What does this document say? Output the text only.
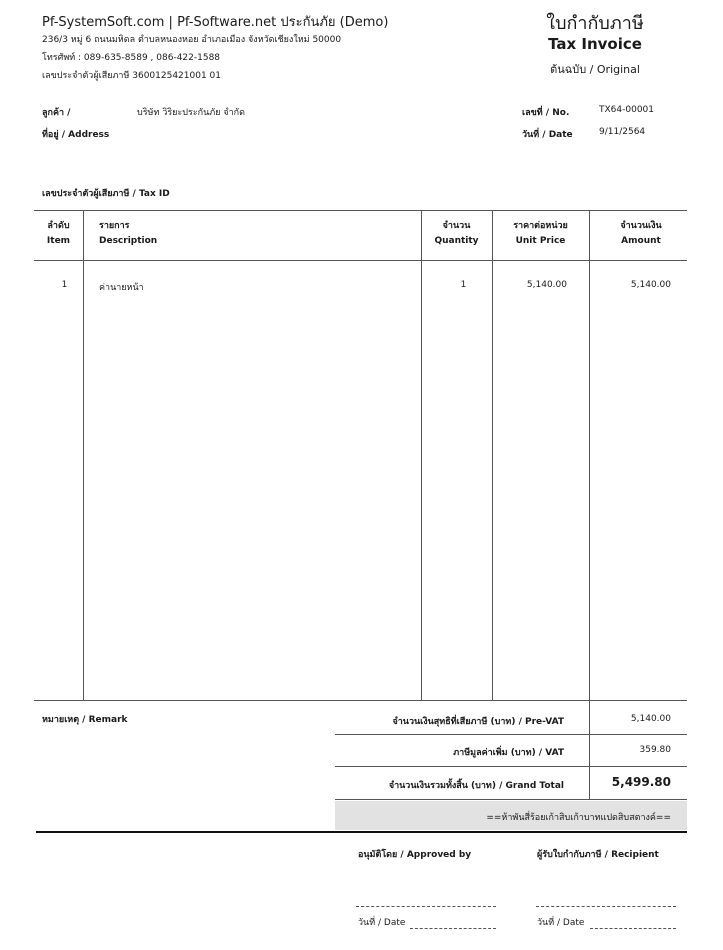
Pf-SystemSoft.com | Pf-Software.net ประกันภัย (Demo)
236/3 หมู่ 6 ถนนมหิดล ตำบลหนองหอย อำเภอเมือง จังหวัดเชียงใหม่ 50000
โทรศัพท์ : 089-635-8589 , 086-422-1588
เลขประจำตัวผู้เสียภาษี 3600125421001 01
ใบกำกับภาษี
Tax Invoice
ต้นฉบับ / Original
ลูกค้า /	บริษัท วิริยะประกันภัย จำกัด
ที่อยู่ / Address
เลขที่ / No.	TX64-00001
วันที่ / Date	9/11/2564
เลขประจำตัวผู้เสียภาษี / Tax ID
ลำดับ
Item
รายการ
Description
จำนวน
Quantity
ราคาต่อหน่วย
Unit Price
จำนวนเงิน
Amount
1	ค่านายหน้า	1	5,140.00	5,140.00
หมายเหตุ / Remark	จำนวนเงินสุทธิที่เสียภาษี (บาท) / Pre-VAT	5,140.00
ภาษีมูลค่าเพิ่ม (บาท) / VAT	359.80
จำนวนเงินรวมทั้งสิ้น (บาท) / Grand Total	5,499.80
==ห้าพันสี่ร้อยเก้าสิบเก้าบาทแปดสิบสตางค์==
อนุมัติโดย / Approved by	ผู้รับใบกำกับภาษี / Recipient
วันที่ / Date	วันที่ / Date
